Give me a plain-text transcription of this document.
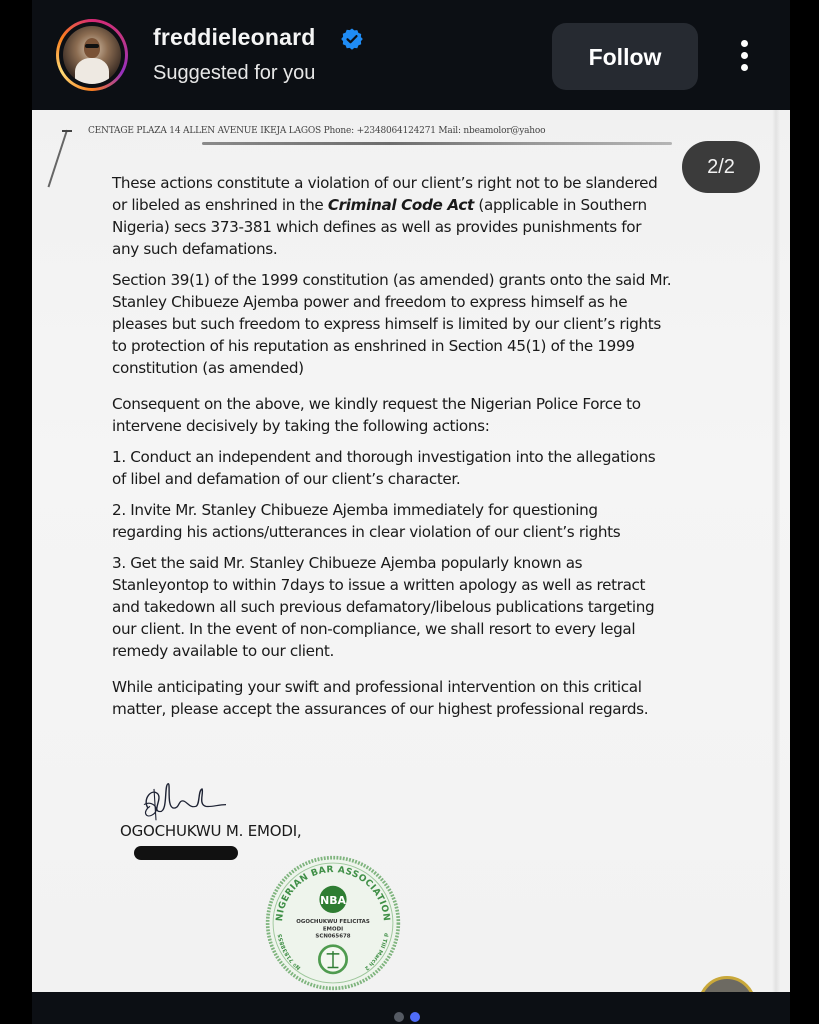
freddieleonard
Suggested for you
Follow
CENTAGE PLAZA 14 ALLEN AVENUE IKEJA LAGOS Phone: +2348064124271 Mail: nbeamolor@yahoo
2/2

These actions constitute a violation of our client’s right not to be slandered or libeled as enshrined in the Criminal Code Act (applicable in Southern Nigeria) secs 373-381 which defines as well as provides punishments for any such defamations.

Section 39(1) of the 1999 constitution (as amended) grants onto the said Mr. Stanley Chibueze Ajemba power and freedom to express himself as he pleases but such freedom to express himself is limited by our client’s rights to protection of his reputation as enshrined in Section 45(1) of the 1999 constitution (as amended)

Consequent on the above, we kindly request the Nigerian Police Force to intervene decisively by taking the following actions:

1. Conduct an independent and thorough investigation into the allegations of libel and defamation of our client’s character.

2. Invite Mr. Stanley Chibueze Ajemba immediately for questioning regarding his actions/utterances in clear violation of our client’s rights

3. Get the said Mr. Stanley Chibueze Ajemba popularly known as Stanleyontop to within 7days to issue a written apology as well as retract and takedown all such previous defamatory/libelous publications targeting our client. In the event of non-compliance, we shall resort to every legal remedy available to our client.

While anticipating your swift and professional intervention on this critical matter, please accept the assurances of our highest professional regards.

OGOCHUKWU M. EMODI,
NIGERIAN BAR ASSOCIATION
Nº 71838855	d Till March 2
NBA
OGOCHUKWU FELICITAS
EMODI
SCN065678
